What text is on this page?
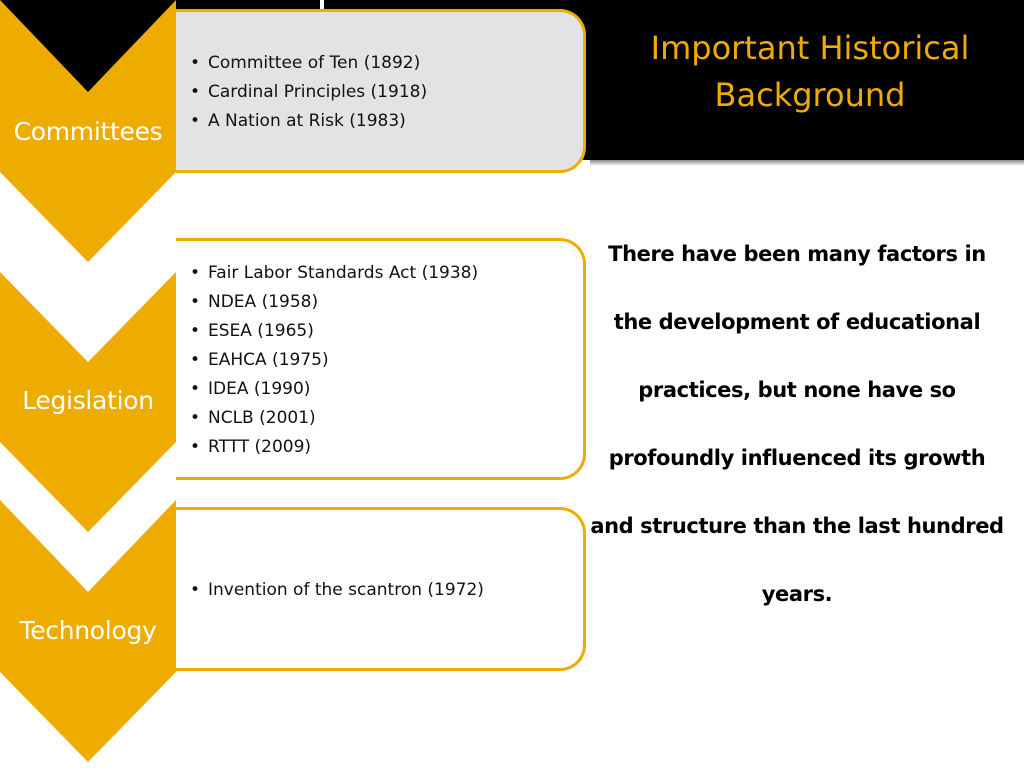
Committees
Legislation
Technology
• Committee of Ten (1892)
• Cardinal Principles (1918)
• A Nation at Risk (1983)
• Fair Labor Standards Act (1938)
• NDEA (1958)
• ESEA (1965)
• EAHCA (1975)
• IDEA (1990)
• NCLB (2001)
• RTTT (2009)
• Invention of the scantron (1972)
Important Historical Background
There have been many factors in the development of educational practices, but none have so profoundly influenced its growth and structure than the last hundred years.
